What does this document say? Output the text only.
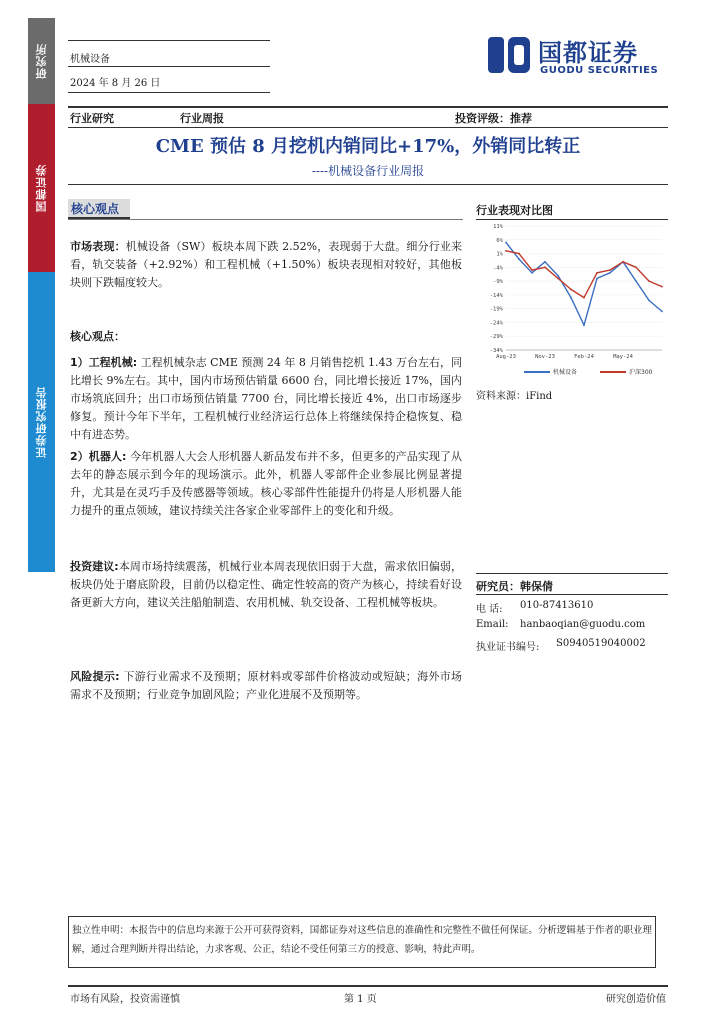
研究所
国都证券
证券研究报告
机械设备
2024 年 8 月 26 日
国都证券
GUODU SECURITIES
行业研究	行业周报	投资评级：推荐
CME 预估 8 月挖机内销同比+17%，外销同比转正
----机械设备行业周报
核心观点
市场表现：机械设备（SW）板块本周下跌 2.52%，表现弱于大盘。细分行业来看，轨交装备（+2.92%）和工程机械（+1.50%）板块表现相对较好，其他板块则下跌幅度较大。
核心观点：
1）工程机械: 工程机械杂志 CME 预测 24 年 8 月销售挖机 1.43 万台左右，同比增长 9%左右。其中，国内市场预估销量 6600 台，同比增长接近 17%，国内市场筑底回升；出口市场预估销量 7700 台，同比增长接近 4%，出口市场逐步修复。预计今年下半年，工程机械行业经济运行总体上将继续保持企稳恢复、稳中有进态势。
2）机器人: 今年机器人大会人形机器人新品发布并不多，但更多的产品实现了从去年的静态展示到今年的现场演示。此外，机器人零部件企业参展比例显著提升，尤其是在灵巧手及传感器等领域。核心零部件性能提升仍将是人形机器人能力提升的重点领域，建议持续关注各家企业零部件上的变化和升级。
投资建议:本周市场持续震荡，机械行业本周表现依旧弱于大盘，需求依旧偏弱，板块仍处于磨底阶段，目前仍以稳定性、确定性较高的资产为核心，持续看好设备更新大方向，建议关注船舶制造、农用机械、轨交设备、工程机械等板块。
风险提示: 下游行业需求不及预期；原材料或零部件价格波动或短缺；海外市场需求不及预期；行业竞争加剧风险；产业化进展不及预期等。
行业表现对比图
11%
6%
1%
-4%
-9%
-14%
-19%
-24%
-29%
-34%
Aug-23	Nov-23	Feb-24	May-24
机械设备	沪深300
资料来源：iFind
研究员：韩保倩
电 话: 010-87413610
Email: hanbaoqian@guodu.com
执业证书编号: S0940519040002
独立性申明：本报告中的信息均来源于公开可获得资料，国都证券对这些信息的准确性和完整性不做任何保证。分析逻辑基于作者的职业理解，通过合理判断并得出结论，力求客观、公正，结论不受任何第三方的授意、影响，特此声明。
市场有风险，投资需谨慎	第 1 页	研究创造价值
